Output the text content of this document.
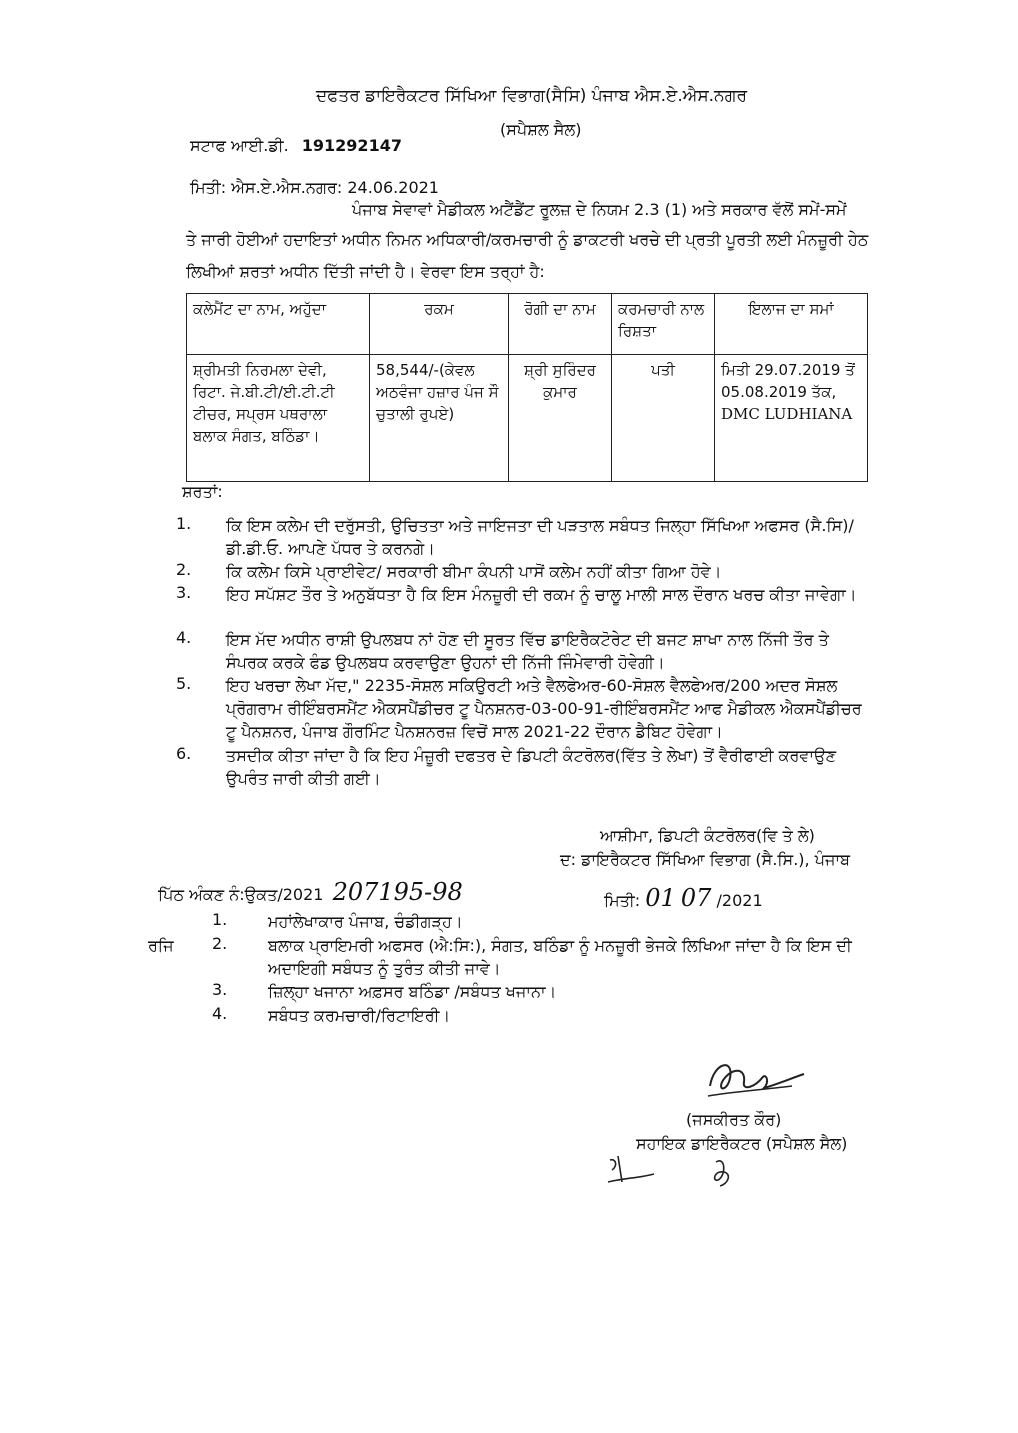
ਦਫਤਰ ਡਾਇਰੈਕਟਰ ਸਿੱਖਿਆ ਵਿਭਾਗ(ਸੈਸਿ) ਪੰਜਾਬ ਐਸ.ਏ.ਐਸ.ਨਗਰ
(ਸਪੈਸ਼ਲ ਸੈਲ)
ਸਟਾਫ ਆਈ.ਡੀ. 191292147
ਮਿਤੀ: ਐਸ.ਏ.ਐਸ.ਨਗਰ: 24.06.2021
ਪੰਜਾਬ ਸੇਵਾਵਾਂ ਮੈਡੀਕਲ ਅਟੈਂਡੈਂਟ ਰੂਲਜ਼ ਦੇ ਨਿਯਮ 2.3 (1) ਅਤੇ ਸਰਕਾਰ ਵੱਲੋਂ ਸਮੇਂ-ਸਮੇਂ
ਤੇ ਜਾਰੀ ਹੋਈਆਂ ਹਦਾਇਤਾਂ ਅਧੀਨ ਨਿਮਨ ਅਧਿਕਾਰੀ/ਕਰਮਚਾਰੀ ਨੂੰ ਡਾਕਟਰੀ ਖਰਚੇ ਦੀ ਪ੍ਰਤੀ ਪੂਰਤੀ ਲਈ ਮੰਨਜ਼ੂਰੀ ਹੇਠ
ਲਿਖੀਆਂ ਸ਼ਰਤਾਂ ਅਧੀਨ ਦਿੱਤੀ ਜਾਂਦੀ ਹੈ। ਵੇਰਵਾ ਇਸ ਤਰ੍ਹਾਂ ਹੈ:
ਕਲੇਮੈਂਟ ਦਾ ਨਾਮ, ਅਹੁੱਦਾ	ਰਕਮ	ਰੋਗੀ ਦਾ ਨਾਮ	ਕਰਮਚਾਰੀ ਨਾਲ ਰਿਸ਼ਤਾ	ਇਲਾਜ ਦਾ ਸਮਾਂ
ਸ਼੍ਰੀਮਤੀ ਨਿਰਮਲਾ ਦੇਵੀ, ਰਿਟਾ. ਜੇ.ਬੀ.ਟੀ/ਈ.ਟੀ.ਟੀ ਟੀਚਰ, ਸਪ੍ਰਸ ਪਥਰਾਲਾ ਬਲਾਕ ਸੰਗਤ, ਬਠਿੰਡਾ।	58,544/-(ਕੇਵਲ ਅਠਵੰਜਾ ਹਜ਼ਾਰ ਪੰਜ ਸੌ ਚੁਤਾਲੀ ਰੁਪਏ)	ਸ਼੍ਰੀ ਸੁਰਿੰਦਰ ਕੁਮਾਰ	ਪਤੀ	ਮਿਤੀ 29.07.2019 ਤੋਂ 05.08.2019 ਤੱਕ,
DMC LUDHIANA
ਸ਼ਰਤਾਂ:
1. ਕਿ ਇਸ ਕਲੇਮ ਦੀ ਦਰੁੱਸਤੀ, ਉਚਿਤਤਾ ਅਤੇ ਜਾਇਜਤਾ ਦੀ ਪੜਤਾਲ ਸਬੰਧਤ ਜਿਲ੍ਹਾ ਸਿੱਖਿਆ ਅਫਸਰ (ਸੈ.ਸਿ)/ ਡੀ.ਡੀ.ਓ. ਆਪਣੇ ਪੱਧਰ ਤੇ ਕਰਨਗੇ।
2. ਕਿ ਕਲੇਮ ਕਿਸੇ ਪ੍ਰਾਈਵੇਟ/ ਸਰਕਾਰੀ ਬੀਮਾ ਕੰਪਨੀ ਪਾਸੋਂ ਕਲੇਮ ਨਹੀਂ ਕੀਤਾ ਗਿਆ ਹੋਵੇ।
3. ਇਹ ਸਪੱਸ਼ਟ ਤੌਰ ਤੇ ਅਨੁਬੱਧਤਾ ਹੈ ਕਿ ਇਸ ਮੰਨਜ਼ੂਰੀ ਦੀ ਰਕਮ ਨੂੰ ਚਾਲੂ ਮਾਲੀ ਸਾਲ ਦੌਰਾਨ ਖਰਚ ਕੀਤਾ ਜਾਵੇਗਾ।
4. ਇਸ ਮੱਦ ਅਧੀਨ ਰਾਸ਼ੀ ਉਪਲਬਧ ਨਾਂ ਹੋਣ ਦੀ ਸੂਰਤ ਵਿੱਚ ਡਾਇਰੈਕਟੋਰੇਟ ਦੀ ਬਜਟ ਸ਼ਾਖਾ ਨਾਲ ਨਿੱਜੀ ਤੌਰ ਤੇ ਸੰਪਰਕ ਕਰਕੇ ਫੰਡ ਉਪਲਬਧ ਕਰਵਾਉਣਾ ਉਹਨਾਂ ਦੀ ਨਿੱਜੀ ਜਿੰਮੇਵਾਰੀ ਹੋਵੇਗੀ।
5. ਇਹ ਖਰਚਾ ਲੇਖਾ ਮੱਦ," 2235-ਸੋਸ਼ਲ ਸਕਿਉਰਟੀ ਅਤੇ ਵੈਲਫੇਅਰ-60-ਸੋਸ਼ਲ ਵੈਲਫੇਅਰ/200 ਅਦਰ ਸੋਸ਼ਲ ਪ੍ਰੋਗਰਾਮ ਰੀਇੰਬਰਸਮੈਂਟ ਐਕਸਪੈਂਡੀਚਰ ਟੂ ਪੈਨਸ਼ਨਰ-03-00-91-ਰੀਇੰਬਰਸਮੈਂਟ ਆਫ ਮੈਡੀਕਲ ਐਕਸਪੈਂਡੀਚਰ ਟੂ ਪੈਨਸ਼ਨਰ, ਪੰਜਾਬ ਗੌਰਮਿੰਟ ਪੈਨਸ਼ਨਰਜ਼ ਵਿਚੋਂ ਸਾਲ 2021-22 ਦੌਰਾਨ ਡੈਬਿਟ ਹੋਵੇਗਾ।
6. ਤਸਦੀਕ ਕੀਤਾ ਜਾਂਦਾ ਹੈ ਕਿ ਇਹ ਮੰਜ਼ੂਰੀ ਦਫਤਰ ਦੇ ਡਿਪਟੀ ਕੰਟਰੋਲਰ(ਵਿੱਤ ਤੇ ਲੇਖਾ) ਤੋਂ ਵੈਰੀਫਾਈ ਕਰਵਾਉਣ ਉਪਰੰਤ ਜਾਰੀ ਕੀਤੀ ਗਈ।
ਆਸ਼ੀਮਾ, ਡਿਪਟੀ ਕੰਟਰੋਲਰ(ਵਿ ਤੇ ਲੇ)
ਦ: ਡਾਇਰੈਕਟਰ ਸਿੱਖਿਆ ਵਿਭਾਗ (ਸੈ.ਸਿ.), ਪੰਜਾਬ
ਪਿੱਠ ਅੰਕਣ ਨੰ:ਉਕਤ/2021 207195-98	ਮਿਤੀ: 01 07 /2021
ਰਜਿ
1.	ਮਹਾਂਲੇਖਾਕਾਰ ਪੰਜਾਬ, ਚੰਡੀਗੜ੍ਹ।
2.	ਬਲਾਕ ਪ੍ਰਾਇਮਰੀ ਅਫਸਰ (ਐ:ਸਿ:), ਸੰਗਤ, ਬਠਿੰਡਾ ਨੂੰ ਮਨਜ਼ੂਰੀ ਭੇਜਕੇ ਲਿਖਿਆ ਜਾਂਦਾ ਹੈ ਕਿ ਇਸ ਦੀ ਅਦਾਇਗੀ ਸਬੰਧਤ ਨੂੰ ਤੁਰੰਤ ਕੀਤੀ ਜਾਵੇ।
3.	ਜ਼ਿਲ੍ਹਾ ਖਜਾਨਾ ਅਫ਼ਸਰ ਬਠਿੰਡਾ /ਸਬੰਧਤ ਖਜਾਨਾ।
4.	ਸਬੰਧਤ ਕਰਮਚਾਰੀ/ਰਿਟਾਇਰੀ।
(ਜਸਕੀਰਤ ਕੌਰ)
ਸਹਾਇਕ ਡਾਇਰੈਕਟਰ (ਸਪੈਸ਼ਲ ਸੈਲ)
